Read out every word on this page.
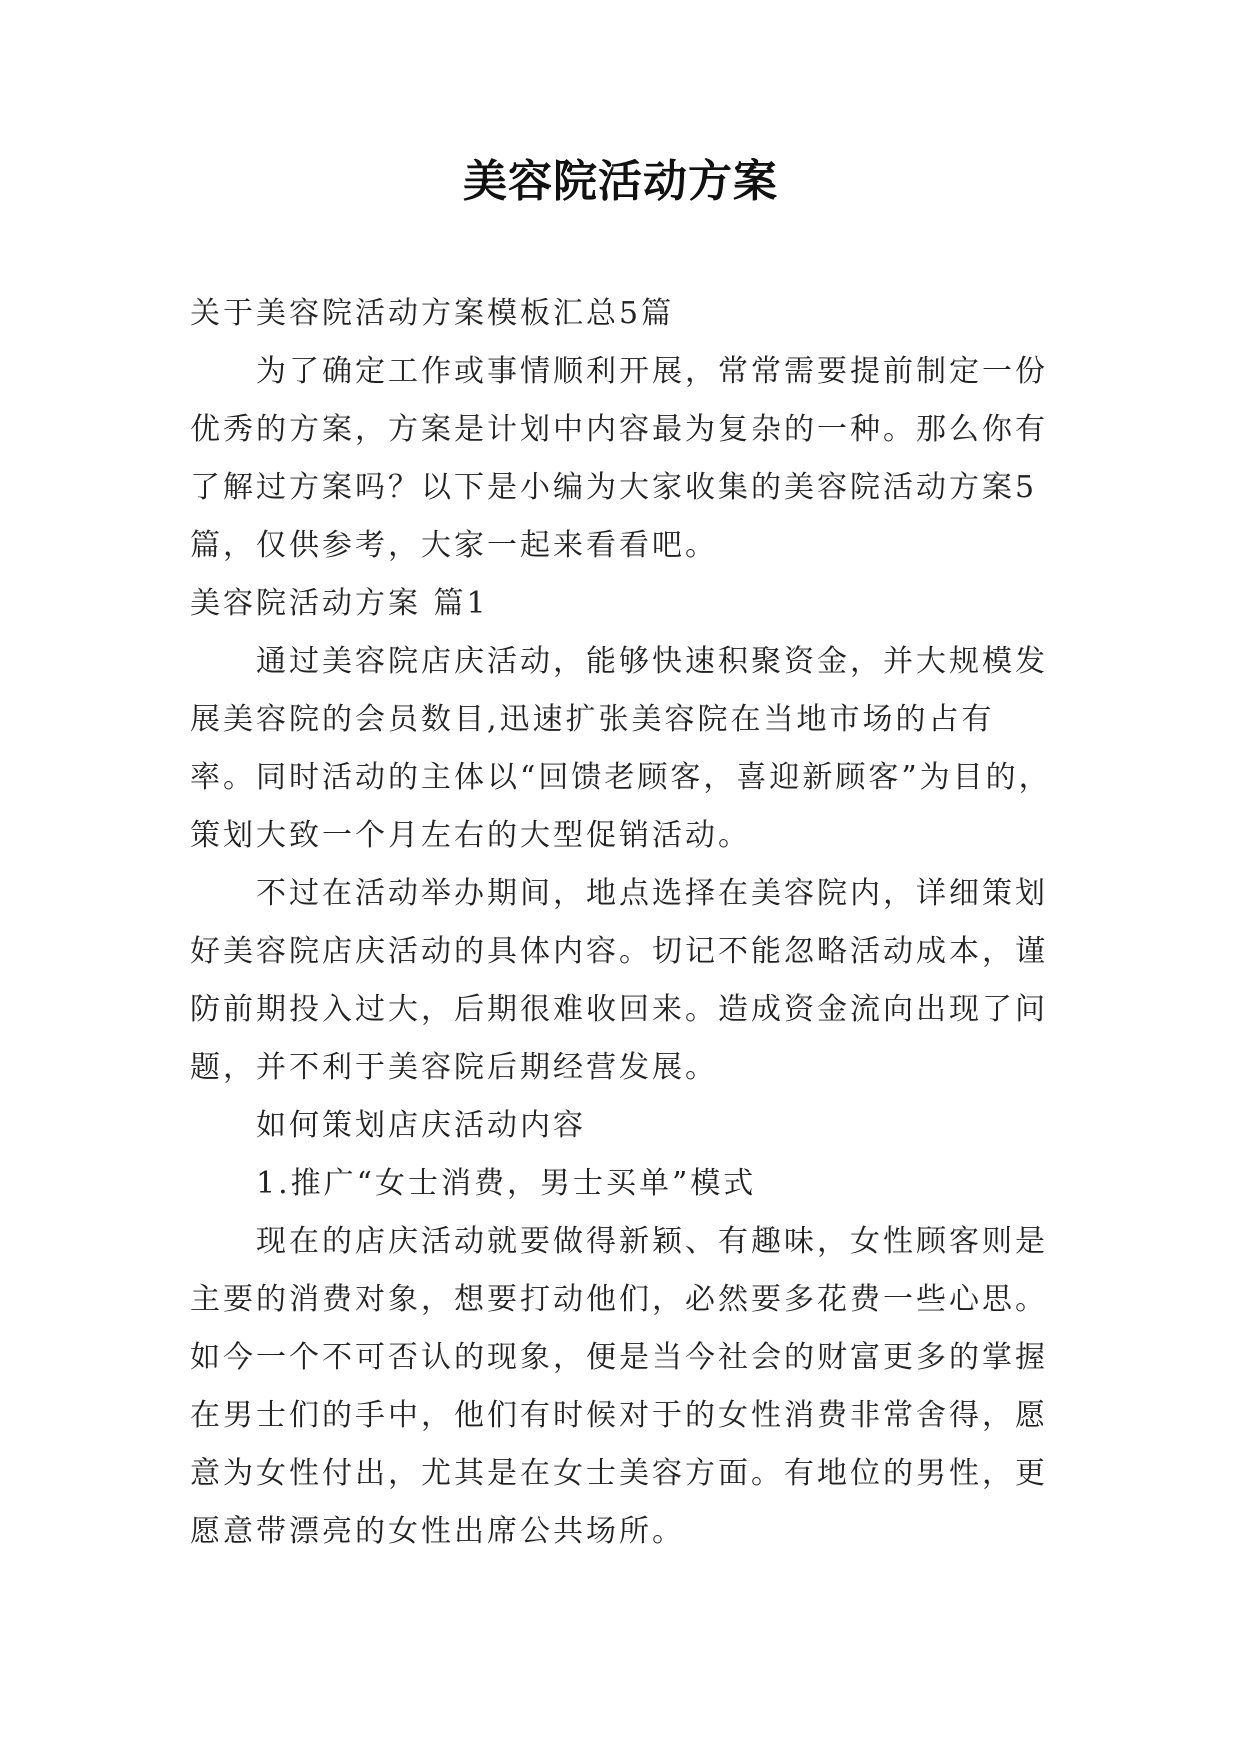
美容院活动方案

关于美容院活动方案模板汇总5篇

为了确定工作或事情顺利开展，常常需要提前制定一份优秀的方案，方案是计划中内容最为复杂的一种。那么你有了解过方案吗？以下是小编为大家收集的美容院活动方案5篇，仅供参考，大家一起来看看吧。

美容院活动方案 篇1

通过美容院店庆活动，能够快速积聚资金，并大规模发展美容院的会员数目,迅速扩张美容院在当地市场的占有率。同时活动的主体以“回馈老顾客，喜迎新顾客”为目的，策划大致一个月左右的大型促销活动。

不过在活动举办期间，地点选择在美容院内，详细策划好美容院店庆活动的具体内容。切记不能忽略活动成本，谨防前期投入过大，后期很难收回来。造成资金流向出现了问题，并不利于美容院后期经营发展。

如何策划店庆活动内容

1.推广“女士消费，男士买单”模式

现在的店庆活动就要做得新颖、有趣味，女性顾客则是主要的消费对象，想要打动他们，必然要多花费一些心思。如今一个不可否认的现象，便是当今社会的财富更多的掌握在男士们的手中，他们有时候对于的女性消费非常舍得，愿意为女性付出，尤其是在女士美容方面。有地位的男性，更愿意带漂亮的女性出席公共场所。
